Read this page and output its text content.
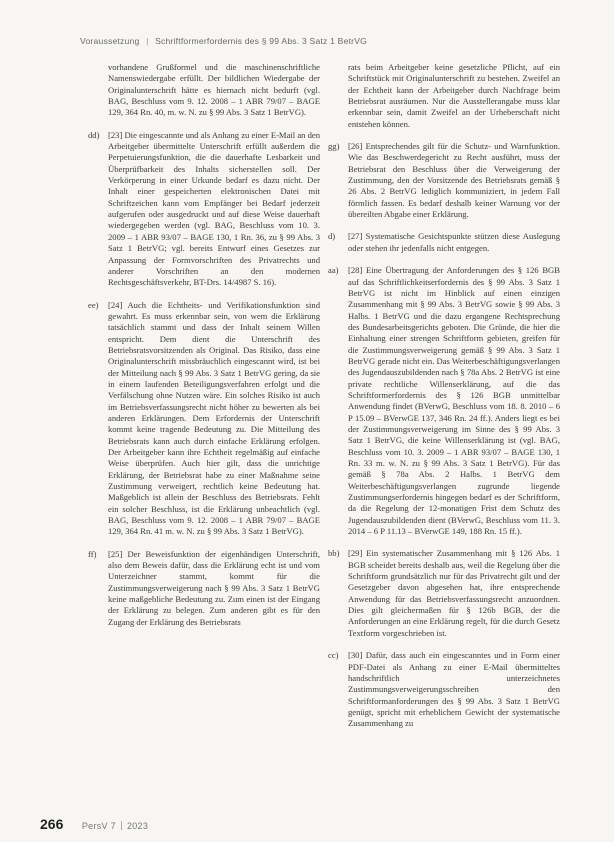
Voraussetzung | Schriftformerfordernis des § 99 Abs. 3 Satz 1 BetrVG
vorhandene Grußformel und die maschinenschriftliche Namenswiedergabe erfüllt. Der bildlichen Wiedergabe der Originalunterschrift hätte es hiernach nicht bedurft (vgl. BAG, Beschluss vom 9. 12. 2008 – 1 ABR 79/07 – BAGE 129, 364 Rn. 40, m. w. N. zu § 99 Abs. 3 Satz 1 BetrVG).
dd) [23] Die eingescannte und als Anhang zu einer E-Mail an den Arbeitgeber übermittelte Unterschrift erfüllt außerdem die Perpetuierungsfunktion, die die dauerhafte Lesbarkeit und Überprüfbarkeit des Inhalts sicherstellen soll. Der Verkörperung in einer Urkunde bedarf es dazu nicht. Der Inhalt einer gespeicherten elektronischen Datei mit Schriftzeichen kann vom Empfänger bei Bedarf jederzeit aufgerufen oder ausgedruckt und auf diese Weise dauerhaft wiedergegeben werden (vgl. BAG, Beschluss vom 10. 3. 2009 – 1 ABR 93/07 – BAGE 130, 1 Rn. 36, zu § 99 Abs. 3 Satz 1 BetrVG; vgl. bereits Entwurf eines Gesetzes zur Anpassung der Formvorschriften des Privatrechts und anderer Vorschriften an den modernen Rechtsgeschäftsverkehr, BT-Drs. 14/4987 S. 16).
ee) [24] Auch die Echtheits- und Verifikationsfunktion sind gewahrt. Es muss erkennbar sein, von wem die Erklärung tatsächlich stammt und dass der Inhalt seinem Willen entspricht. Dem dient die Unterschrift des Betriebsratsvorsitzenden als Original. Das Risiko, dass eine Originalunterschrift missbräuchlich eingescannt wird, ist bei der Mitteilung nach § 99 Abs. 3 Satz 1 BetrVG gering, da sie in einem laufenden Beteiligungsverfahren erfolgt und die Verfälschung ohne Nutzen wäre. Ein solches Risiko ist auch im Betriebsverfassungsrecht nicht höher zu bewerten als bei anderen Erklärungen. Dem Erfordernis der Unterschrift kommt keine tragende Bedeutung zu. Die Mitteilung des Betriebsrats kann auch durch einfache Erklärung erfolgen. Der Arbeitgeber kann ihre Echtheit regelmäßig auf einfache Weise überprüfen. Auch hier gilt, dass die unrichtige Erklärung, der Betriebsrat habe zu einer Maßnahme seine Zustimmung verweigert, rechtlich keine Bedeutung hat. Maßgeblich ist allein der Beschluss des Betriebsrats. Fehlt ein solcher Beschluss, ist die Erklärung unbeachtlich (vgl. BAG, Beschluss vom 9. 12. 2008 – 1 ABR 79/07 – BAGE 129, 364 Rn. 41 m. w. N. zu § 99 Abs. 3 Satz 1 BetrVG).
ff) [25] Der Beweisfunktion der eigenhändigen Unterschrift, also dem Beweis dafür, dass die Erklärung echt ist und vom Unterzeichner stammt, kommt für die Zustimmungsverweigerung nach § 99 Abs. 3 Satz 1 BetrVG keine maßgebliche Bedeutung zu. Zum einen ist der Eingang der Erklärung zu belegen. Zum anderen gibt es für den Zugang der Erklärung des Betriebsrats
rats beim Arbeitgeber keine gesetzliche Pflicht, auf ein Schriftstück mit Originalunterschrift zu bestehen. Zweifel an der Echtheit kann der Arbeitgeber durch Nachfrage beim Betriebsrat ausräumen. Nur die Ausstellerangabe muss klar erkennbar sein, damit Zweifel an der Urheberschaft nicht entstehen können.
gg) [26] Entsprechendes gilt für die Schutz- und Warnfunktion. Wie das Beschwerdegericht zu Recht ausführt, muss der Betriebsrat den Beschluss über die Verweigerung der Zustimmung, den der Vorsitzende des Betriebsrats gemäß § 26 Abs. 2 BetrVG lediglich kommuniziert, in jedem Fall förmlich fassen. Es bedarf deshalb keiner Warnung vor der übereilten Abgabe einer Erklärung.
d) [27] Systematische Gesichtspunkte stützen diese Auslegung oder stehen ihr jedenfalls nicht entgegen.
aa) [28] Eine Übertragung der Anforderungen des § 126 BGB auf das Schriftlichkeitserfordernis des § 99 Abs. 3 Satz 1 BetrVG ist nicht im Hinblick auf einen einzigen Zusammenhang mit § 99 Abs. 3 BetrVG sowie § 99 Abs. 3 Halbs. 1 BetrVG und die dazu ergangene Rechtsprechung des Bundesarbeitsgerichts geboten. Die Gründe, die hier die Einhaltung einer strengen Schriftform gebieten, greifen für die Zustimmungsverweigerung gemäß § 99 Abs. 3 Satz 1 BetrVG gerade nicht ein. Das Weiterbeschäftigungsverlangen des Jugendauszubildenden nach § 78a Abs. 2 BetrVG ist eine private rechtliche Willenserklärung, auf die das Schriftformerfordernis des § 126 BGB unmittelbar Anwendung findet (BVerwG, Beschluss vom 18. 8. 2010 – 6 P 15.09 – BVerwGE 137, 346 Rn. 24 ff.). Anders liegt es bei der Zustimmungsverweigerung im Sinne des § 99 Abs. 3 Satz 1 BetrVG, die keine Willenserklärung ist (vgl. BAG, Beschluss vom 10. 3. 2009 – 1 ABR 93/07 – BAGE 130, 1 Rn. 33 m. w. N. zu § 99 Abs. 3 Satz 1 BetrVG). Für das gemäß § 78a Abs. 2 Halbs. 1 BetrVG dem Weiterbeschäftigungsverlangen zugrunde liegende Zustimmungserfordernis hingegen bedarf es der Schriftform, da die Regelung der 12-monatigen Frist dem Schutz des Jugendauszubildenden dient (BVerwG, Beschluss vom 11. 3. 2014 – 6 P 11.13 – BVerwGE 149, 188 Rn. 15 ff.).
bb) [29] Ein systematischer Zusammenhang mit § 126 Abs. 1 BGB scheidet bereits deshalb aus, weil die Regelung über die Schriftform grundsätzlich nur für das Privatrecht gilt und der Gesetzgeber davon abgesehen hat, ihre entsprechende Anwendung für das Betriebsverfassungsrecht anzuordnen. Dies gilt gleichermaßen für § 126b BGB, der die Anforderungen an eine Erklärung regelt, für die durch Gesetz Textform vorgeschrieben ist.
cc) [30] Dafür, dass auch ein eingescanntes und in Form einer PDF-Datei als Anhang zu einer E-Mail übermitteltes handschriftlich unterzeichnetes Zustimmungsverweigerungsschreiben den Schriftformanforderungen des § 99 Abs. 3 Satz 1 BetrVG genügt, spricht mit erheblichem Gewicht der systematische Zusammenhang zu
266 PersV 7 2023
